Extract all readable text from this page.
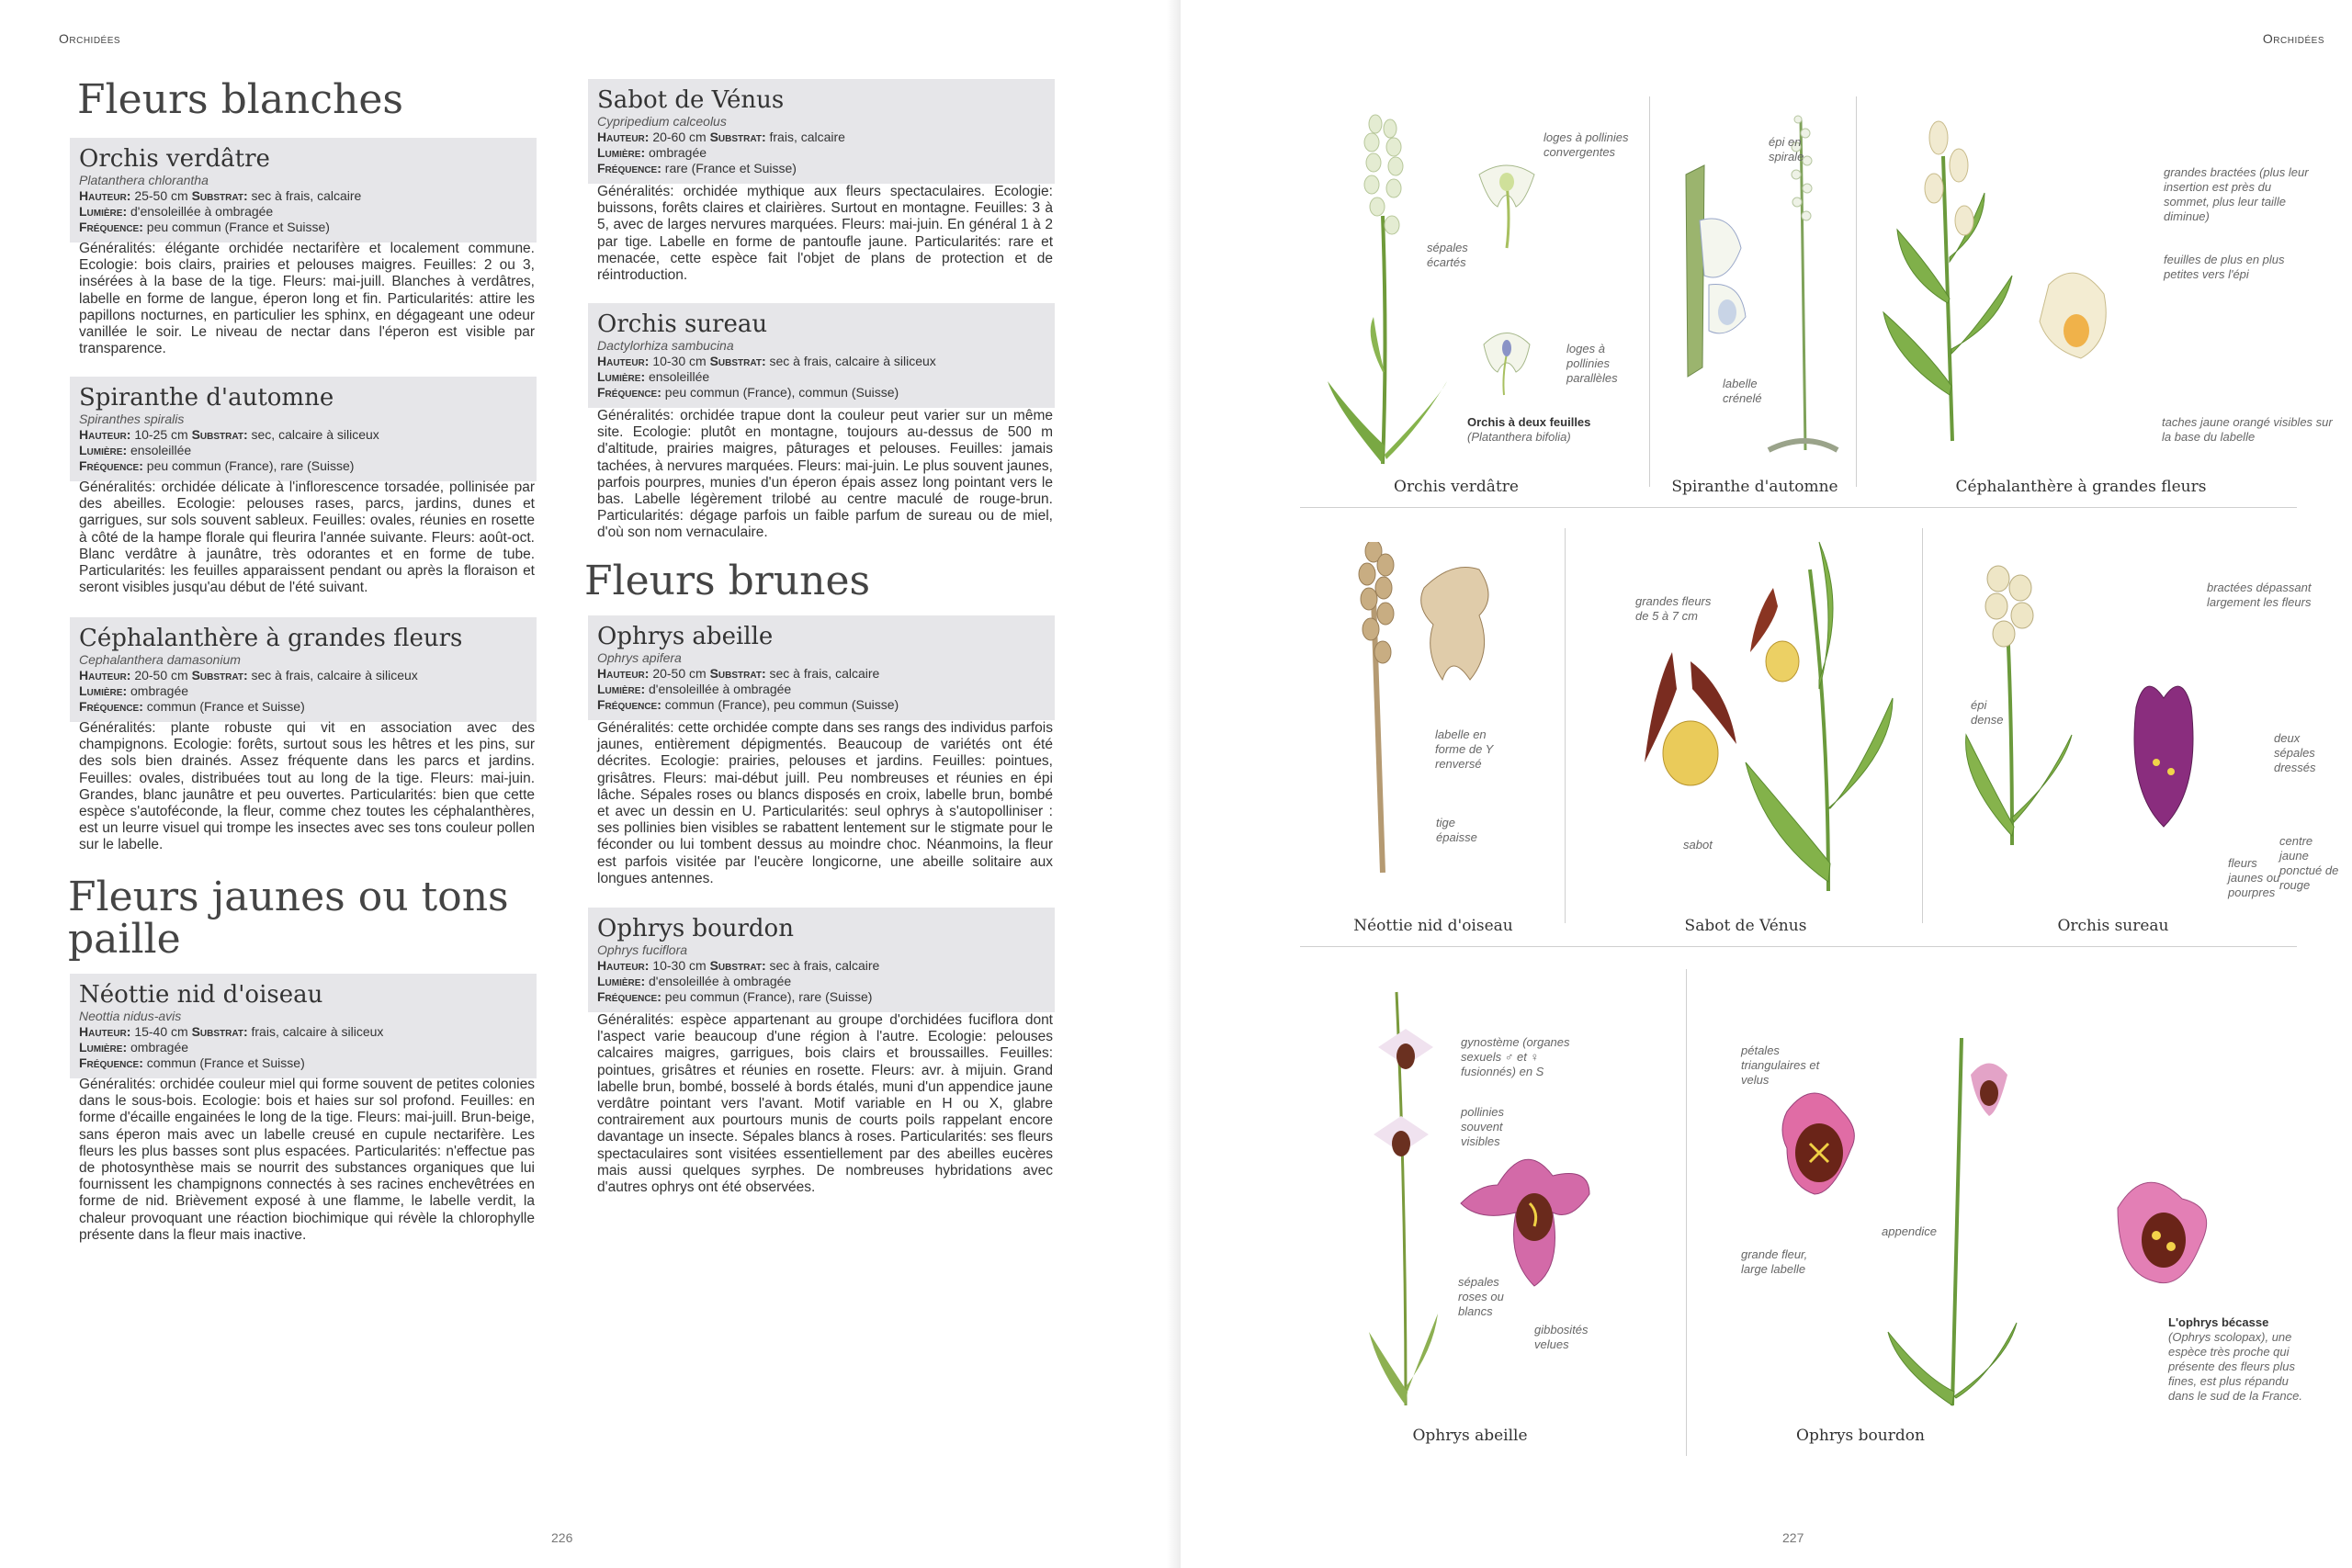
Orchidées
Fleurs blanches
Orchis verdâtre
Platanthera chlorantha
Hauteur: 25-50 cm Substrat: sec à frais, calcaire
Lumière: d'ensoleillée à ombragée
Fréquence: peu commun (France et Suisse)
Généralités: élégante orchidée nectarifère et localement commune. Ecologie: bois clairs, prairies et pelouses maigres. Feuilles: 2 ou 3, insérées à la base de la tige. Fleurs: mai-juill. Blanches à verdâtres, labelle en forme de langue, éperon long et fin. Particularités: attire les papillons nocturnes, en particulier les sphinx, en dégageant une odeur vanillée le soir. Le niveau de nectar dans l'éperon est visible par transparence.
Spiranthe d'automne
Spiranthes spiralis
Hauteur: 10-25 cm Substrat: sec, calcaire à siliceux
Lumière: ensoleillée
Fréquence: peu commun (France), rare (Suisse)
Généralités: orchidée délicate à l'inflorescence torsadée, pollinisée par des abeilles. Ecologie: pelouses rases, parcs, jardins, dunes et garrigues, sur sols souvent sableux. Feuilles: ovales, réunies en rosette à côté de la hampe florale qui fleurira l'année suivante. Fleurs: août-oct. Blanc verdâtre à jaunâtre, très odorantes et en forme de tube. Particularités: les feuilles apparaissent pendant ou après la floraison et seront visibles jusqu'au début de l'été suivant.
Céphalanthère à grandes fleurs
Cephalanthera damasonium
Hauteur: 20-50 cm Substrat: sec à frais, calcaire à siliceux
Lumière: ombragée
Fréquence: commun (France et Suisse)
Généralités: plante robuste qui vit en association avec des champignons. Ecologie: forêts, surtout sous les hêtres et les pins, sur des sols bien drainés. Assez fréquente dans les parcs et jardins. Feuilles: ovales, distribuées tout au long de la tige. Fleurs: mai-juin. Grandes, blanc jaunâtre et peu ouvertes. Particularités: bien que cette espèce s'autoféconde, la fleur, comme chez toutes les céphalanthères, est un leurre visuel qui trompe les insectes avec ses tons couleur pollen sur le labelle.
Fleurs jaunes ou tons paille
Néottie nid d'oiseau
Neottia nidus-avis
Hauteur: 15-40 cm Substrat: frais, calcaire à siliceux
Lumière: ombragée
Fréquence: commun (France et Suisse)
Généralités: orchidée couleur miel qui forme souvent de petites colonies dans le sous-bois. Ecologie: bois et haies sur sol profond. Feuilles: en forme d'écaille engainées le long de la tige. Fleurs: mai-juill. Brun-beige, sans éperon mais avec un labelle creusé en cupule nectarifère. Les fleurs les plus basses sont plus espacées. Particularités: n'effectue pas de photosynthèse mais se nourrit des substances organiques que lui fournissent les champignons connectés à ses racines enchevêtrées en forme de nid. Brièvement exposé à une flamme, le labelle verdit, la chaleur provoquant une réaction biochimique qui révèle la chlorophylle présente dans la fleur mais inactive.
Sabot de Vénus
Cypripedium calceolus
Hauteur: 20-60 cm Substrat: frais, calcaire
Lumière: ombragée
Fréquence: rare (France et Suisse)
Généralités: orchidée mythique aux fleurs spectaculaires. Ecologie: buissons, forêts claires et clairières. Surtout en montagne. Feuilles: 3 à 5, avec de larges nervures marquées. Fleurs: mai-juin. En général 1 à 2 par tige. Labelle en forme de pantoufle jaune. Particularités: rare et menacée, cette espèce fait l'objet de plans de protection et de réintroduction.
Orchis sureau
Dactylorhiza sambucina
Hauteur: 10-30 cm Substrat: sec à frais, calcaire à siliceux
Lumière: ensoleillée
Fréquence: peu commun (France), commun (Suisse)
Généralités: orchidée trapue dont la couleur peut varier sur un même site. Ecologie: plutôt en montagne, toujours au-dessus de 500 m d'altitude, prairies maigres, pâturages et pelouses. Feuilles: jamais tachées, à nervures marquées. Fleurs: mai-juin. Le plus souvent jaunes, parfois pourpres, munies d'un éperon épais assez long pointant vers le bas. Labelle légèrement trilobé au centre maculé de rouge-brun. Particularités: dégage parfois un faible parfum de sureau ou de miel, d'où son nom vernaculaire.
Fleurs brunes
Ophrys abeille
Ophrys apifera
Hauteur: 20-50 cm Substrat: sec à frais, calcaire
Lumière: d'ensoleillée à ombragée
Fréquence: commun (France), peu commun (Suisse)
Généralités: cette orchidée compte dans ses rangs des individus parfois jaunes, entièrement dépigmentés. Beaucoup de variétés ont été décrites. Ecologie: prairies, pelouses et jardins. Feuilles: pointues, grisâtres. Fleurs: mai-début juill. Peu nombreuses et réunies en épi lâche. Sépales roses ou blancs disposés en croix, labelle brun, bombé et avec un dessin en U. Particularités: seul ophrys à s'autopolliniser : ses pollinies bien visibles se rabattent lentement sur le stigmate pour le féconder ou lui tombent dessus au moindre choc. Néanmoins, la fleur est parfois visitée par l'eucère longicorne, une abeille solitaire aux longues antennes.
Ophrys bourdon
Ophrys fuciflora
Hauteur: 10-30 cm Substrat: sec à frais, calcaire
Lumière: d'ensoleillée à ombragée
Fréquence: peu commun (France), rare (Suisse)
Généralités: espèce appartenant au groupe d'orchidées fuciflora dont l'aspect varie beaucoup d'une région à l'autre. Ecologie: pelouses calcaires maigres, garrigues, bois clairs et broussailles. Feuilles: pointues, grisâtres et réunies en rosette. Fleurs: avr. à mijuin. Grand labelle brun, bombé, bosselé à bords étalés, muni d'un appendice jaune verdâtre pointant vers l'avant. Motif variable en H ou X, glabre contrairement aux pourtours munis de courts poils rappelant encore davantage un insecte. Sépales blancs à roses. Particularités: ses fleurs spectaculaires sont visitées essentiellement par des abeilles eucères mais aussi quelques syrphes. De nombreuses hybridations avec d'autres ophrys ont été observées.
226
Orchidées
loges à pollinies convergentes
sépales écartés
loges à pollinies parallèles
Orchis à deux feuilles
(Platanthera bifolia)
Orchis verdâtre
épi en spirale
labelle crénelé
Spiranthe d'automne
grandes bractées (plus leur insertion est près du sommet, plus leur taille diminue)
feuilles de plus en plus petites vers l'épi
taches jaune orangé visibles sur la base du labelle
Céphalanthère à grandes fleurs
labelle en forme de Y renversé
tige épaisse
Néottie nid d'oiseau
grandes fleurs de 5 à 7 cm
sabot
Sabot de Vénus
bractées dépassant largement les fleurs
épi dense
deux sépales dressés
fleurs jaunes ou pourpres
centre jaune ponctué de rouge
Orchis sureau
gynostème (organes sexuels ♂ et ♀ fusionnés) en S
pollinies souvent visibles
sépales roses ou blancs
gibbosités velues
Ophrys abeille
pétales triangulaires et velus
appendice
grande fleur, large labelle
L'ophrys bécasse (Ophrys scolopax), une espèce très proche qui présente des fleurs plus fines, est plus répandu dans le sud de la France.
Ophrys bourdon
227
